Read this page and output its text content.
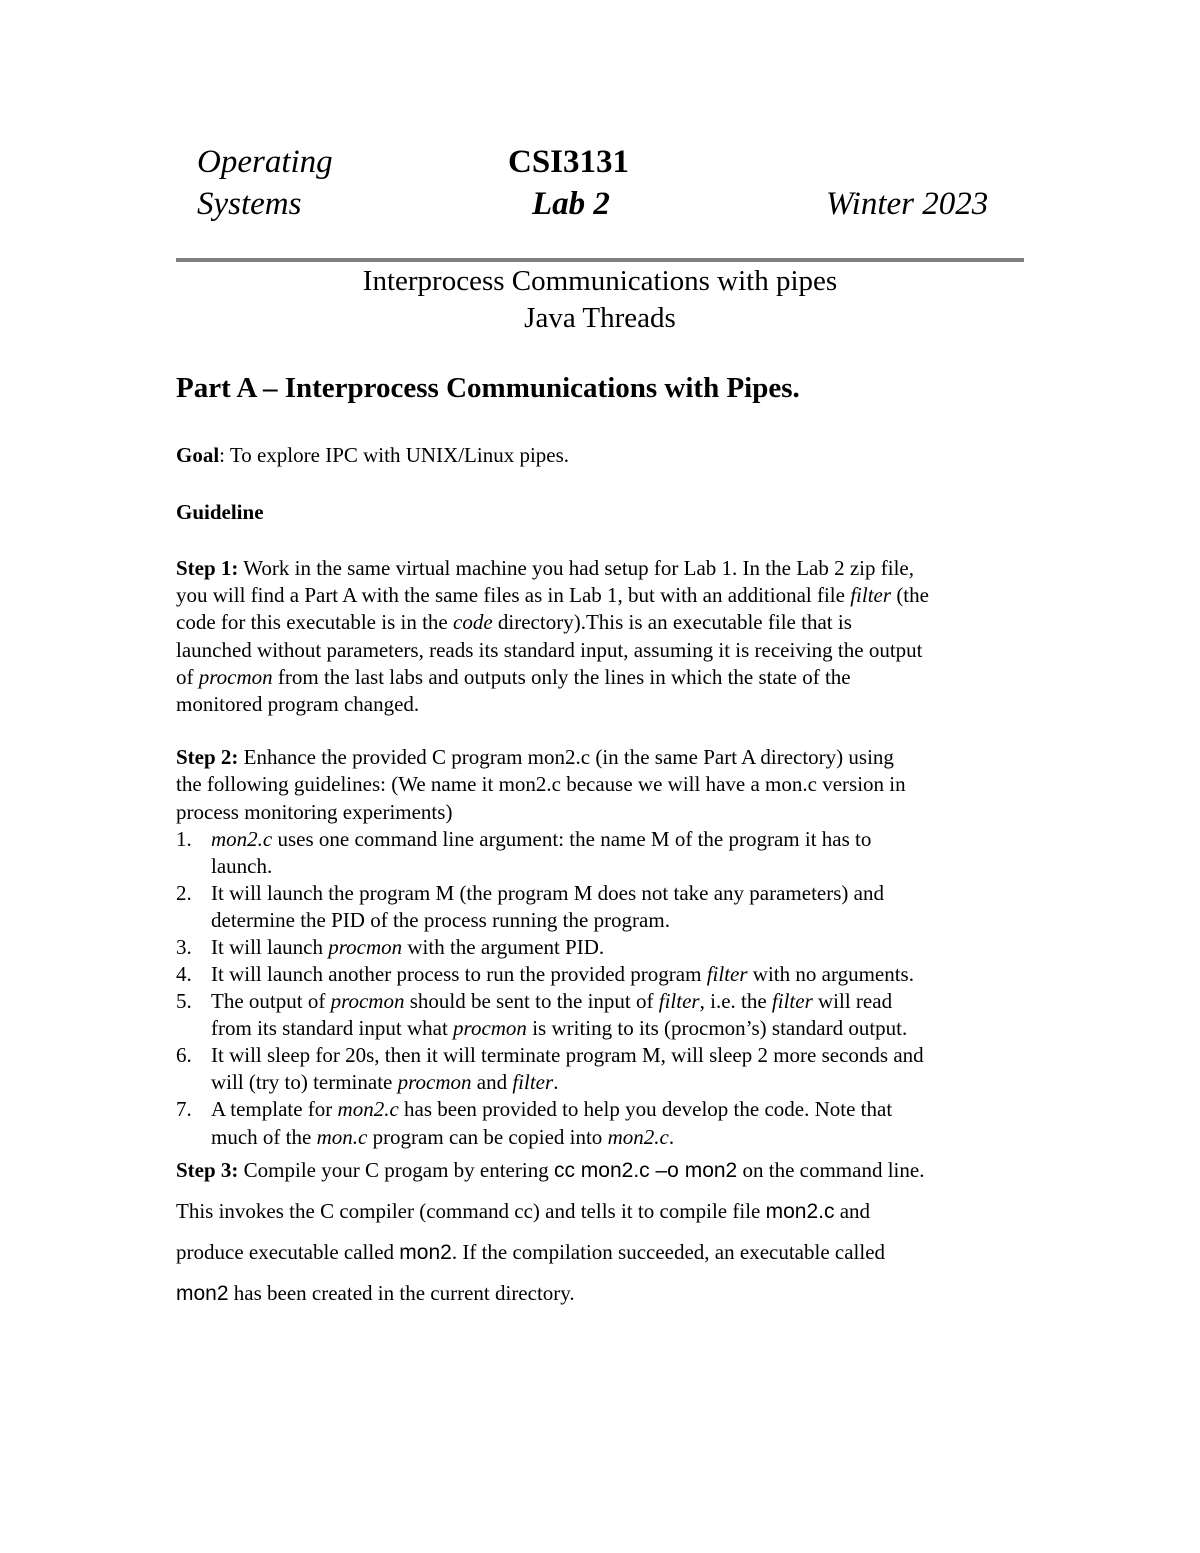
Operating
Systems
CSI3131
Lab 2	Winter 2023
Interprocess Communications with pipes
Java Threads
Part A – Interprocess Communications with Pipes.
Goal: To explore IPC with UNIX/Linux pipes.
Guideline
Step 1: Work in the same virtual machine you had setup for Lab 1. In the Lab 2 zip file,
you will find a Part A with the same files as in Lab 1, but with an additional file filter (the
code for this executable is in the code directory).This is an executable file that is
launched without parameters, reads its standard input, assuming it is receiving the output
of procmon from the last labs and outputs only the lines in which the state of the
monitored program changed.
Step 2: Enhance the provided C program mon2.c (in the same Part A directory) using
the following guidelines: (We name it mon2.c because we will have a mon.c version in
process monitoring experiments)
1. mon2.c uses one command line argument: the name M of the program it has to
launch.
2. It will launch the program M (the program M does not take any parameters) and
determine the PID of the process running the program.
3. It will launch procmon with the argument PID.
4. It will launch another process to run the provided program filter with no arguments.
5. The output of procmon should be sent to the input of filter, i.e. the filter will read
from its standard input what procmon is writing to its (procmon’s) standard output.
6. It will sleep for 20s, then it will terminate program M, will sleep 2 more seconds and
will (try to) terminate procmon and filter.
7. A template for mon2.c has been provided to help you develop the code. Note that
much of the mon.c program can be copied into mon2.c.
Step 3: Compile your C progam by entering cc mon2.c –o mon2 on the command line.
This invokes the C compiler (command cc) and tells it to compile file mon2.c and
produce executable called mon2. If the compilation succeeded, an executable called
mon2 has been created in the current directory.
